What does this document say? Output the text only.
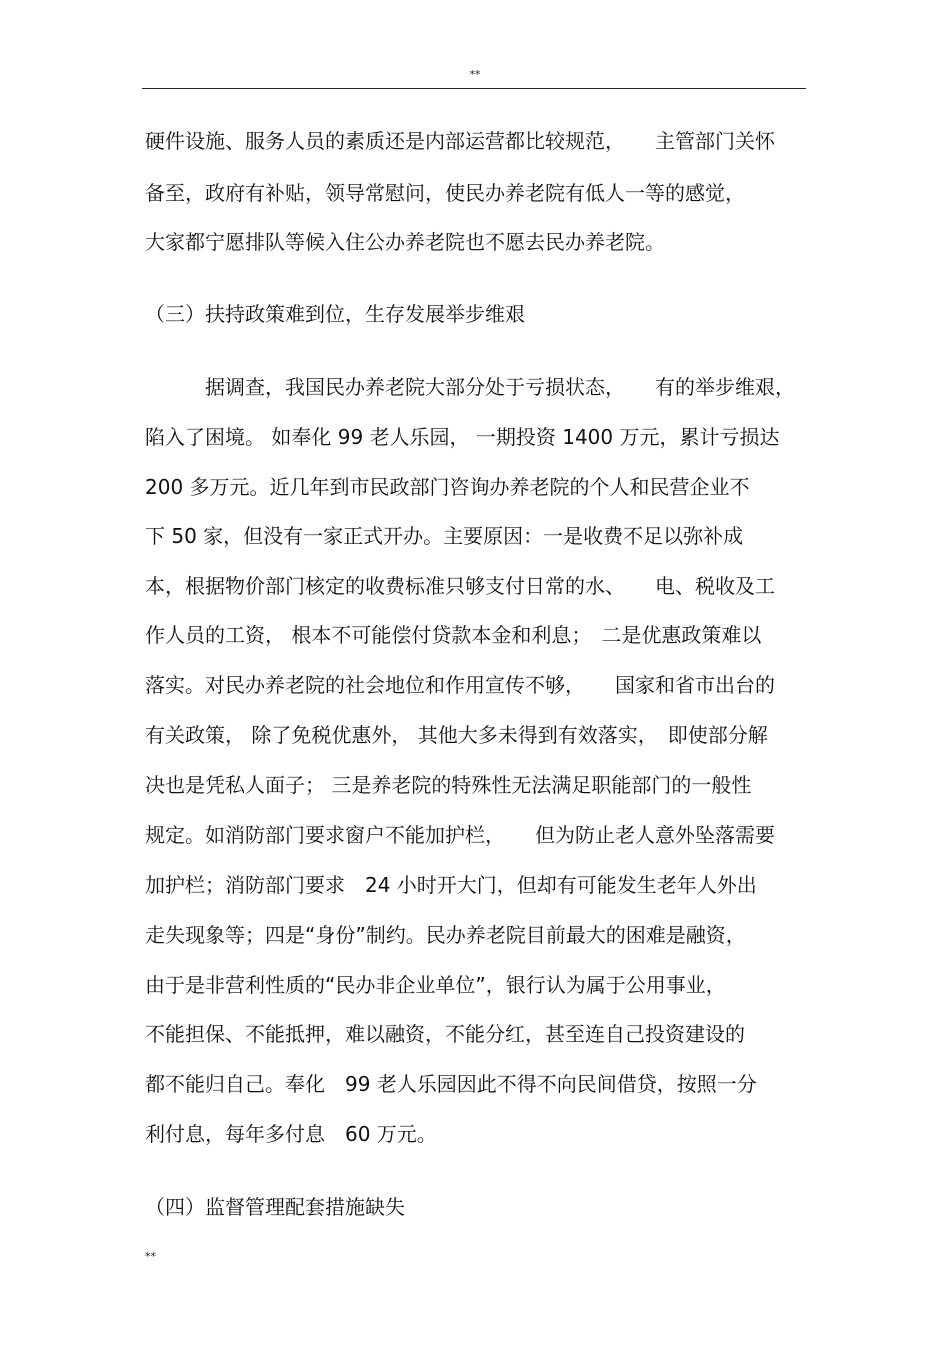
**
硬件设施、服务人员的素质还是内部运营都比较规范，　　主管部门关怀
备至，政府有补贴，领导常慰问，使民办养老院有低人一等的感觉，
大家都宁愿排队等候入住公办养老院也不愿去民办养老院。
（三）扶持政策难到位，生存发展举步维艰
　　　据调查，我国民办养老院大部分处于亏损状态，　　有的举步维艰，
陷入了困境。 如奉化 99 老人乐园， 一期投资 1400 万元，累计亏损达
200 多万元。近几年到市民政部门咨询办养老院的个人和民营企业不
下 50 家，但没有一家正式开办。主要原因：一是收费不足以弥补成
本，根据物价部门核定的收费标准只够支付日常的水、　　电、税收及工
作人员的工资， 根本不可能偿付贷款本金和利息；　二是优惠政策难以
落实。对民办养老院的社会地位和作用宣传不够，　　国家和省市出台的
有关政策， 除了免税优惠外， 其他大多未得到有效落实，　即使部分解
决也是凭私人面子； 三是养老院的特殊性无法满足职能部门的一般性
规定。如消防部门要求窗户不能加护栏，　　但为防止老人意外坠落需要
加护栏；消防部门要求　24 小时开大门，但却有可能发生老年人外出
走失现象等；四是“身份”制约。民办养老院目前最大的困难是融资，
由于是非营利性质的“民办非企业单位”，银行认为属于公用事业，
不能担保、不能抵押，难以融资，不能分红，甚至连自己投资建设的
都不能归自己。奉化　99 老人乐园因此不得不向民间借贷，按照一分
利付息，每年多付息　60 万元。
（四）监督管理配套措施缺失
**
